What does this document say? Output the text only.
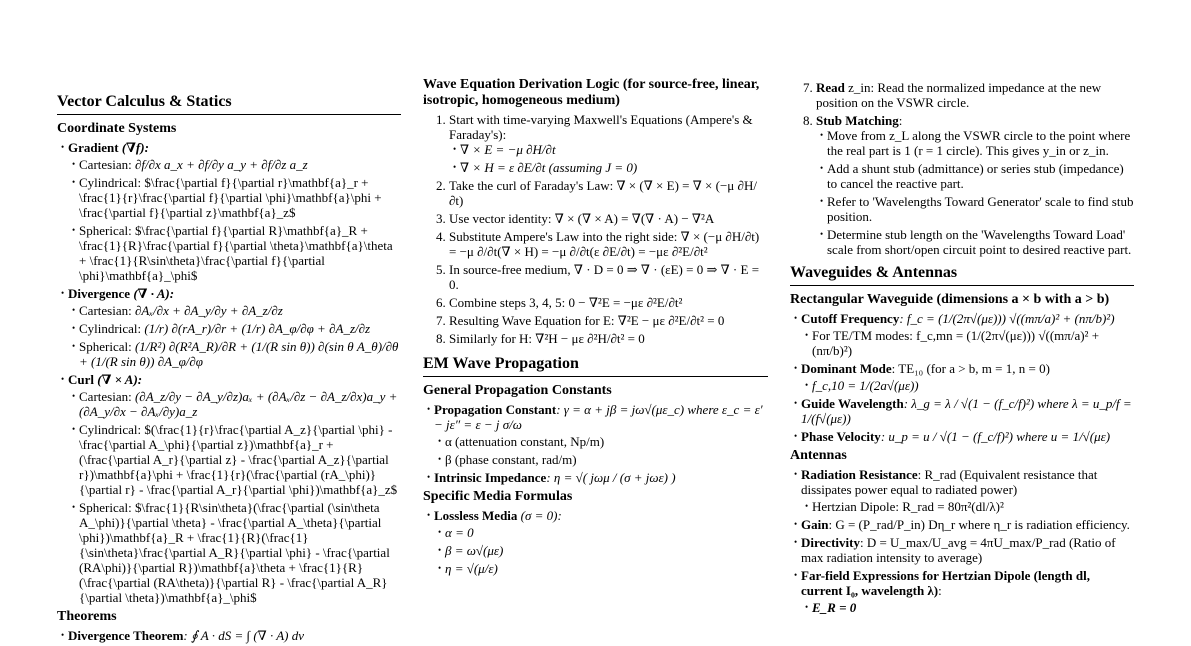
Vector Calculus & Statics
Coordinate Systems
• Gradient (∇f):
• Cartesian: ∂f/∂x a_x + ∂f/∂y a_y + ∂f/∂z a_z
• Cylindrical: $\frac{\partial f}{\partial r}\mathbf{a}_r + \frac{1}{r}\frac{\partial f}{\partial \phi}\mathbf{a}\phi + \frac{\partial f}{\partial z}\mathbf{a}_z$
• Spherical: $\frac{\partial f}{\partial R}\mathbf{a}_R + \frac{1}{R}\frac{\partial f}{\partial \theta}\mathbf{a}\theta + \frac{1}{R\sin\theta}\frac{\partial f}{\partial \phi}\mathbf{a}_\phi$
• Divergence (∇ · A):
• Cartesian: ∂Aₓ/∂x + ∂A_y/∂y + ∂A_z/∂z
• Cylindrical: (1/r) ∂(rA_r)/∂r + (1/r) ∂A_φ/∂φ + ∂A_z/∂z
• Spherical: (1/R²) ∂(R²A_R)/∂R + (1/(R sin θ)) ∂(sin θ A_θ)/∂θ + (1/(R sin θ)) ∂A_φ/∂φ
• Curl (∇ × A):
• Cartesian: (∂A_z/∂y − ∂A_y/∂z)aₓ + (∂Aₓ/∂z − ∂A_z/∂x)a_y + (∂A_y/∂x − ∂Aₓ/∂y)a_z
• Cylindrical: $(\frac{1}{r}\frac{\partial A_z}{\partial \phi} - \frac{\partial A_\phi}{\partial z})\mathbf{a}_r + (\frac{\partial A_r}{\partial z} - \frac{\partial A_z}{\partial r})\mathbf{a}\phi + \frac{1}{r}(\frac{\partial (rA_\phi)}{\partial r} - \frac{\partial A_r}{\partial \phi})\mathbf{a}_z$
• Spherical: $\frac{1}{R\sin\theta}(\frac{\partial (\sin\theta A_\phi)}{\partial \theta} - \frac{\partial A_\theta}{\partial \phi})\mathbf{a}_R + \frac{1}{R}(\frac{1}{\sin\theta}\frac{\partial A_R}{\partial \phi} - \frac{\partial (RA\phi)}{\partial R})\mathbf{a}\theta + \frac{1}{R}(\frac{\partial (RA\theta)}{\partial R} - \frac{\partial A_R}{\partial \theta})\mathbf{a}_\phi$
Theorems
• Divergence Theorem: ∮ A · dS = ∫ (∇ · A) dv
Wave Equation Derivation Logic (for source-free, linear, isotropic, homogeneous medium)
1. Start with time-varying Maxwell's Equations (Ampere's & Faraday's):
• ∇ × E = −μ ∂H/∂t
• ∇ × H = ε ∂E/∂t (assuming J = 0)
2. Take the curl of Faraday's Law: ∇ × (∇ × E) = ∇ × (−μ ∂H/∂t)
3. Use vector identity: ∇ × (∇ × A) = ∇(∇ · A) − ∇²A
4. Substitute Ampere's Law into the right side: ∇ × (−μ ∂H/∂t) = −μ ∂/∂t(∇ × H) = −μ ∂/∂t(ε ∂E/∂t) = −με ∂²E/∂t²
5. In source-free medium, ∇ · D = 0 ⇒ ∇ · (εE) = 0 ⇒ ∇ · E = 0.
6. Combine steps 3, 4, 5: 0 − ∇²E = −με ∂²E/∂t²
7. Resulting Wave Equation for E: ∇²E − με ∂²E/∂t² = 0
8. Similarly for H: ∇²H − με ∂²H/∂t² = 0
EM Wave Propagation
General Propagation Constants
• Propagation Constant: γ = α + jβ = jω√(με_c) where ε_c = ε′ − jε″ = ε − j σ/ω
• α (attenuation constant, Np/m)
• β (phase constant, rad/m)
• Intrinsic Impedance: η = √( jωμ / (σ + jωε) )
Specific Media Formulas
• Lossless Media (σ = 0):
• α = 0
• β = ω√(με)
• η = √(μ/ε)
7. Read z_in: Read the normalized impedance at the new position on the VSWR circle.
8. Stub Matching:
• Move from z_L along the VSWR circle to the point where the real part is 1 (r = 1 circle). This gives y_in or z_in.
• Add a shunt stub (admittance) or series stub (impedance) to cancel the reactive part.
• Refer to 'Wavelengths Toward Generator' scale to find stub position.
• Determine stub length on the 'Wavelengths Toward Load' scale from short/open circuit point to desired reactive part.
Waveguides & Antennas
Rectangular Waveguide (dimensions a × b with a > b)
• Cutoff Frequency: f_c = (1/(2π√(με))) √((mπ/a)² + (nπ/b)²)
• For TE/TM modes: f_c,mn = (1/(2π√(με))) √((mπ/a)² + (nπ/b)²)
• Dominant Mode: TE₁₀ (for a > b, m = 1, n = 0)
• f_c,10 = 1/(2a√(με))
• Guide Wavelength: λ_g = λ / √(1 − (f_c/f)²) where λ = u_p/f = 1/(f√(με))
• Phase Velocity: u_p = u / √(1 − (f_c/f)²) where u = 1/√(με)
Antennas
• Radiation Resistance: R_rad (Equivalent resistance that dissipates power equal to radiated power)
• Hertzian Dipole: R_rad = 80π²(dl/λ)²
• Gain: G = (P_rad/P_in) Dη_r where η_r is radiation efficiency.
• Directivity: D = U_max/U_avg = 4πU_max/P_rad (Ratio of max radiation intensity to average)
• Far-field Expressions for Hertzian Dipole (length dl, current I₀, wavelength λ):
• E_R = 0
